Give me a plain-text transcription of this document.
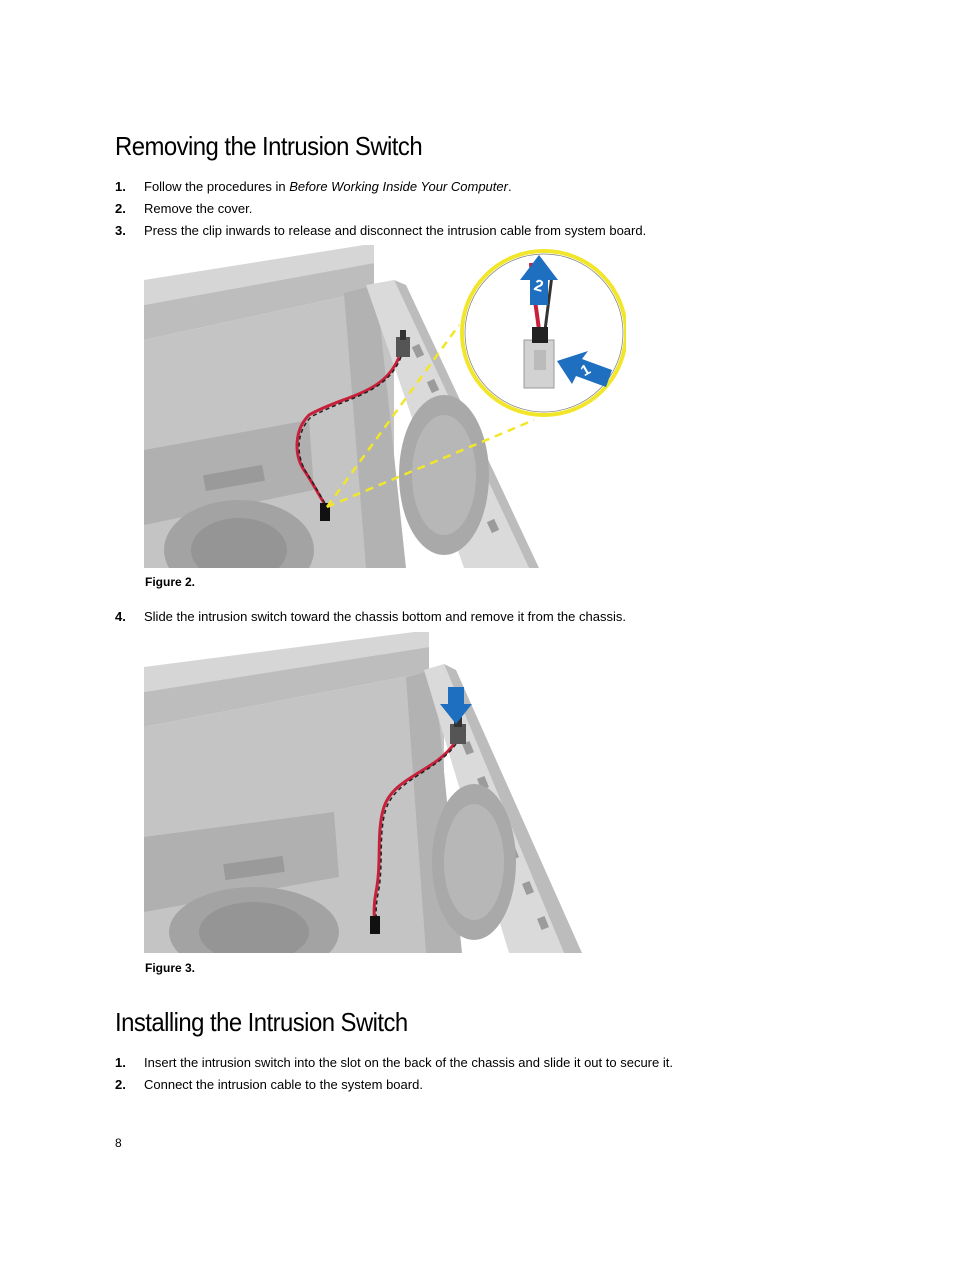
Removing the Intrusion Switch
1. Follow the procedures in Before Working Inside Your Computer.
2. Remove the cover.
3. Press the clip inwards to release and disconnect the intrusion cable from system board.
2
1
Figure 2.
4. Slide the intrusion switch toward the chassis bottom and remove it from the chassis.
Figure 3.
Installing the Intrusion Switch
1. Insert the intrusion switch into the slot on the back of the chassis and slide it out to secure it.
2. Connect the intrusion cable to the system board.
8
